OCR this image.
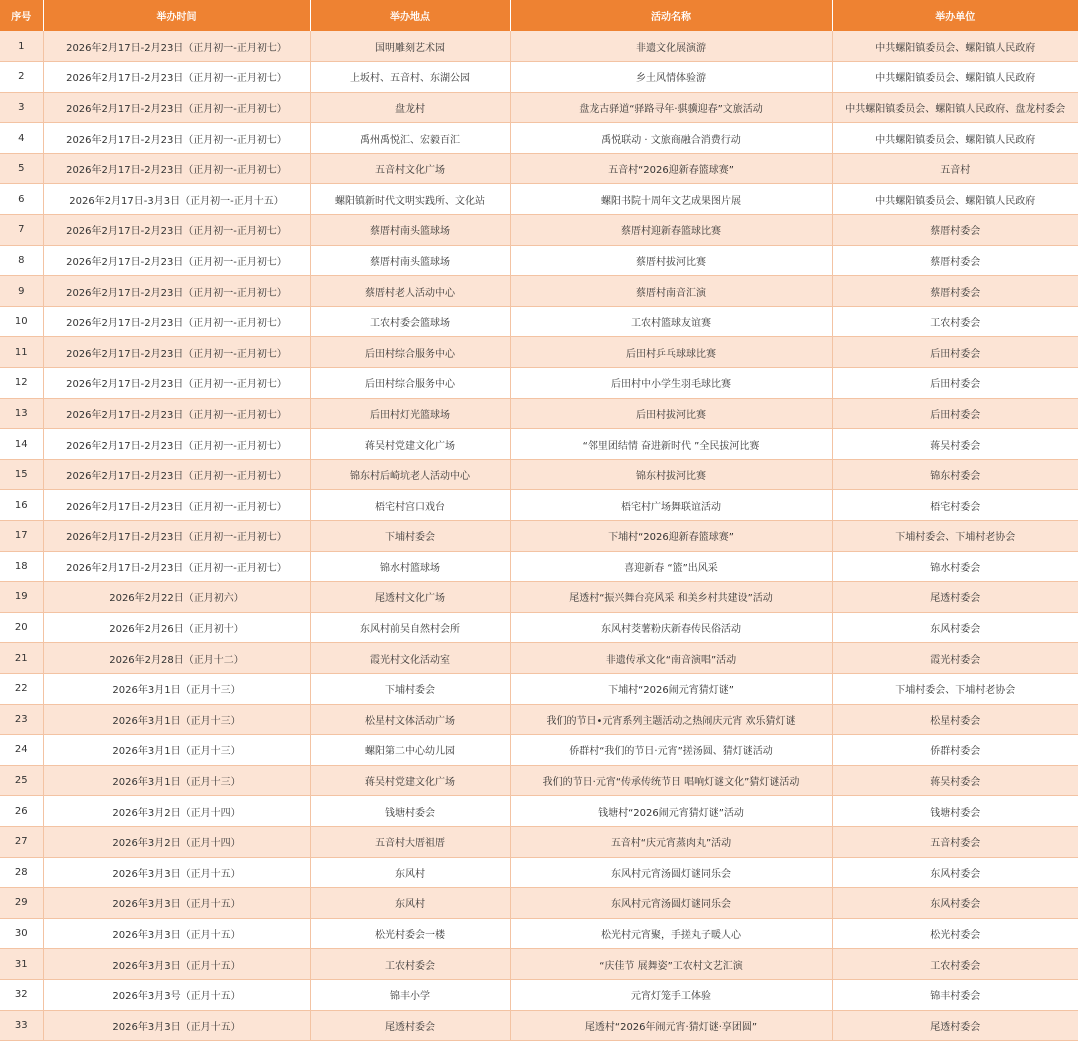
序号	举办时间	举办地点	活动名称	举办单位
1	2026年2月17日-2月23日（正月初一-正月初七）	国明雕刻艺术园	非遗文化展演游	中共螺阳镇委员会、螺阳镇人民政府
2	2026年2月17日-2月23日（正月初一-正月初七）	上坂村、五音村、东湖公园	乡土风情体验游	中共螺阳镇委员会、螺阳镇人民政府
3	2026年2月17日-2月23日（正月初一-正月初七）	盘龙村	盘龙古驿道“驿路寻年·骐骥迎春”文旅活动	中共螺阳镇委员会、螺阳镇人民政府、盘龙村委会
4	2026年2月17日-2月23日（正月初一-正月初七）	禹州禹悦汇、宏毅百汇	禹悦联动 · 文旅商融合消费行动	中共螺阳镇委员会、螺阳镇人民政府
5	2026年2月17日-2月23日（正月初一-正月初七）	五音村文化广场	五音村“2026迎新春篮球赛”	五音村
6	2026年2月17日-3月3日（正月初一-正月十五）	螺阳镇新时代文明实践所、文化站	螺阳书院十周年文艺成果图片展	中共螺阳镇委员会、螺阳镇人民政府
7	2026年2月17日-2月23日（正月初一-正月初七）	蔡厝村南头篮球场	蔡厝村迎新春篮球比赛	蔡厝村委会
8	2026年2月17日-2月23日（正月初一-正月初七）	蔡厝村南头篮球场	蔡厝村拔河比赛	蔡厝村委会
9	2026年2月17日-2月23日（正月初一-正月初七）	蔡厝村老人活动中心	蔡厝村南音汇演	蔡厝村委会
10	2026年2月17日-2月23日（正月初一-正月初七）	工农村委会篮球场	工农村篮球友谊赛	工农村委会
11	2026年2月17日-2月23日（正月初一-正月初七）	后田村综合服务中心	后田村乒乓球球比赛	后田村委会
12	2026年2月17日-2月23日（正月初一-正月初七）	后田村综合服务中心	后田村中小学生羽毛球比赛	后田村委会
13	2026年2月17日-2月23日（正月初一-正月初七）	后田村灯光篮球场	后田村拔河比赛	后田村委会
14	2026年2月17日-2月23日（正月初一-正月初七）	蒋吴村党建文化广场	“邻里团结情 奋进新时代 ”全民拔河比赛	蒋吴村委会
15	2026年2月17日-2月23日（正月初一-正月初七）	锦东村后崎坑老人活动中心	锦东村拔河比赛	锦东村委会
16	2026年2月17日-2月23日（正月初一-正月初七）	梧宅村宫口戏台	梧宅村广场舞联谊活动	梧宅村委会
17	2026年2月17日-2月23日（正月初一-正月初七）	下埔村委会	下埔村“2026迎新春篮球赛”	下埔村委会、下埔村老协会
18	2026年2月17日-2月23日（正月初一-正月初七）	锦水村篮球场	喜迎新春 “篮”出风采	锦水村委会
19	2026年2月22日（正月初六）	尾透村文化广场	尾透村“振兴舞台亮风采 和美乡村共建设”活动	尾透村委会
20	2026年2月26日（正月初十）	东风村前吴自然村会所	东风村茭薯粉庆新春传民俗活动	东风村委会
21	2026年2月28日（正月十二）	霞光村文化活动室	非遗传承文化“南音演唱”活动	霞光村委会
22	2026年3月1日（正月十三）	下埔村委会	下埔村“2026闹元宵猜灯谜”	下埔村委会、下埔村老协会
23	2026年3月1日（正月十三）	松星村文体活动广场	我们的节日•元宵系列主题活动之热闹庆元宵 欢乐猜灯谜	松星村委会
24	2026年3月1日（正月十三）	螺阳第二中心幼儿园	侨群村“我们的节日·元宵”搓汤圆、猜灯谜活动	侨群村委会
25	2026年3月1日（正月十三）	蒋吴村党建文化广场	我们的节日·元宵“传承传统节日 唱响灯谜文化”猜灯谜活动	蒋吴村委会
26	2026年3月2日（正月十四）	钱塘村委会	钱塘村“2026闹元宵猜灯谜”活动	钱塘村委会
27	2026年3月2日（正月十四）	五音村大厝祖厝	五音村“庆元宵蒸肉丸”活动	五音村委会
28	2026年3月3日（正月十五）	东风村	东风村元宵汤圆灯谜同乐会	东风村委会
29	2026年3月3日（正月十五）	东风村	东风村元宵汤圆灯谜同乐会	东风村委会
30	2026年3月3日（正月十五）	松光村委会一楼	松光村元宵聚，手搓丸子暖人心	松光村委会
31	2026年3月3日（正月十五）	工农村委会	“庆佳节 展舞姿”工农村文艺汇演	工农村委会
32	2026年3月3号（正月十五）	锦丰小学	元宵灯笼手工体验	锦丰村委会
33	2026年3月3日（正月十五）	尾透村委会	尾透村“2026年闹元宵·猜灯谜·享团圆”	尾透村委会
